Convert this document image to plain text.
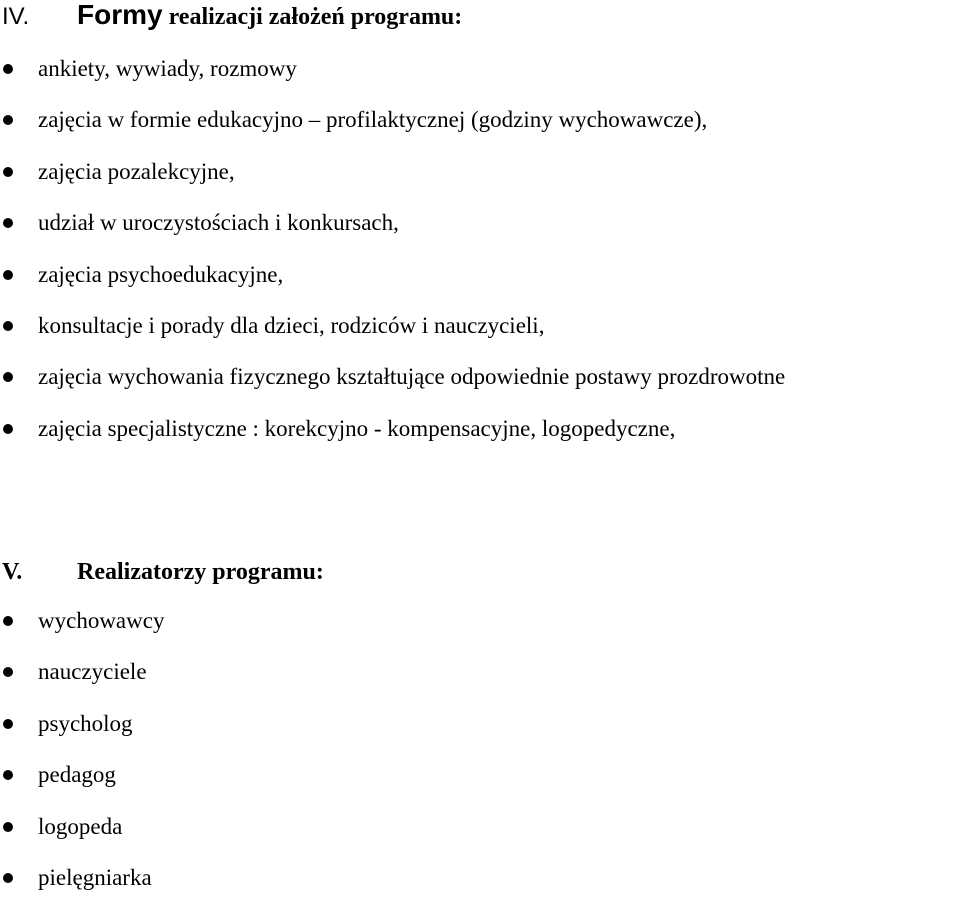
IV. Formy realizacji założeń programu:
ankiety, wywiady, rozmowy
zajęcia w formie edukacyjno – profilaktycznej (godziny wychowawcze),
zajęcia pozalekcyjne,
udział w uroczystościach i konkursach,
zajęcia psychoedukacyjne,
konsultacje i porady dla dzieci, rodziców i nauczycieli,
zajęcia wychowania fizycznego kształtujące odpowiednie postawy prozdrowotne
zajęcia specjalistyczne : korekcyjno - kompensacyjne, logopedyczne,
V. Realizatorzy programu:
wychowawcy
nauczyciele
psycholog
pedagog
logopeda
pielęgniarka
